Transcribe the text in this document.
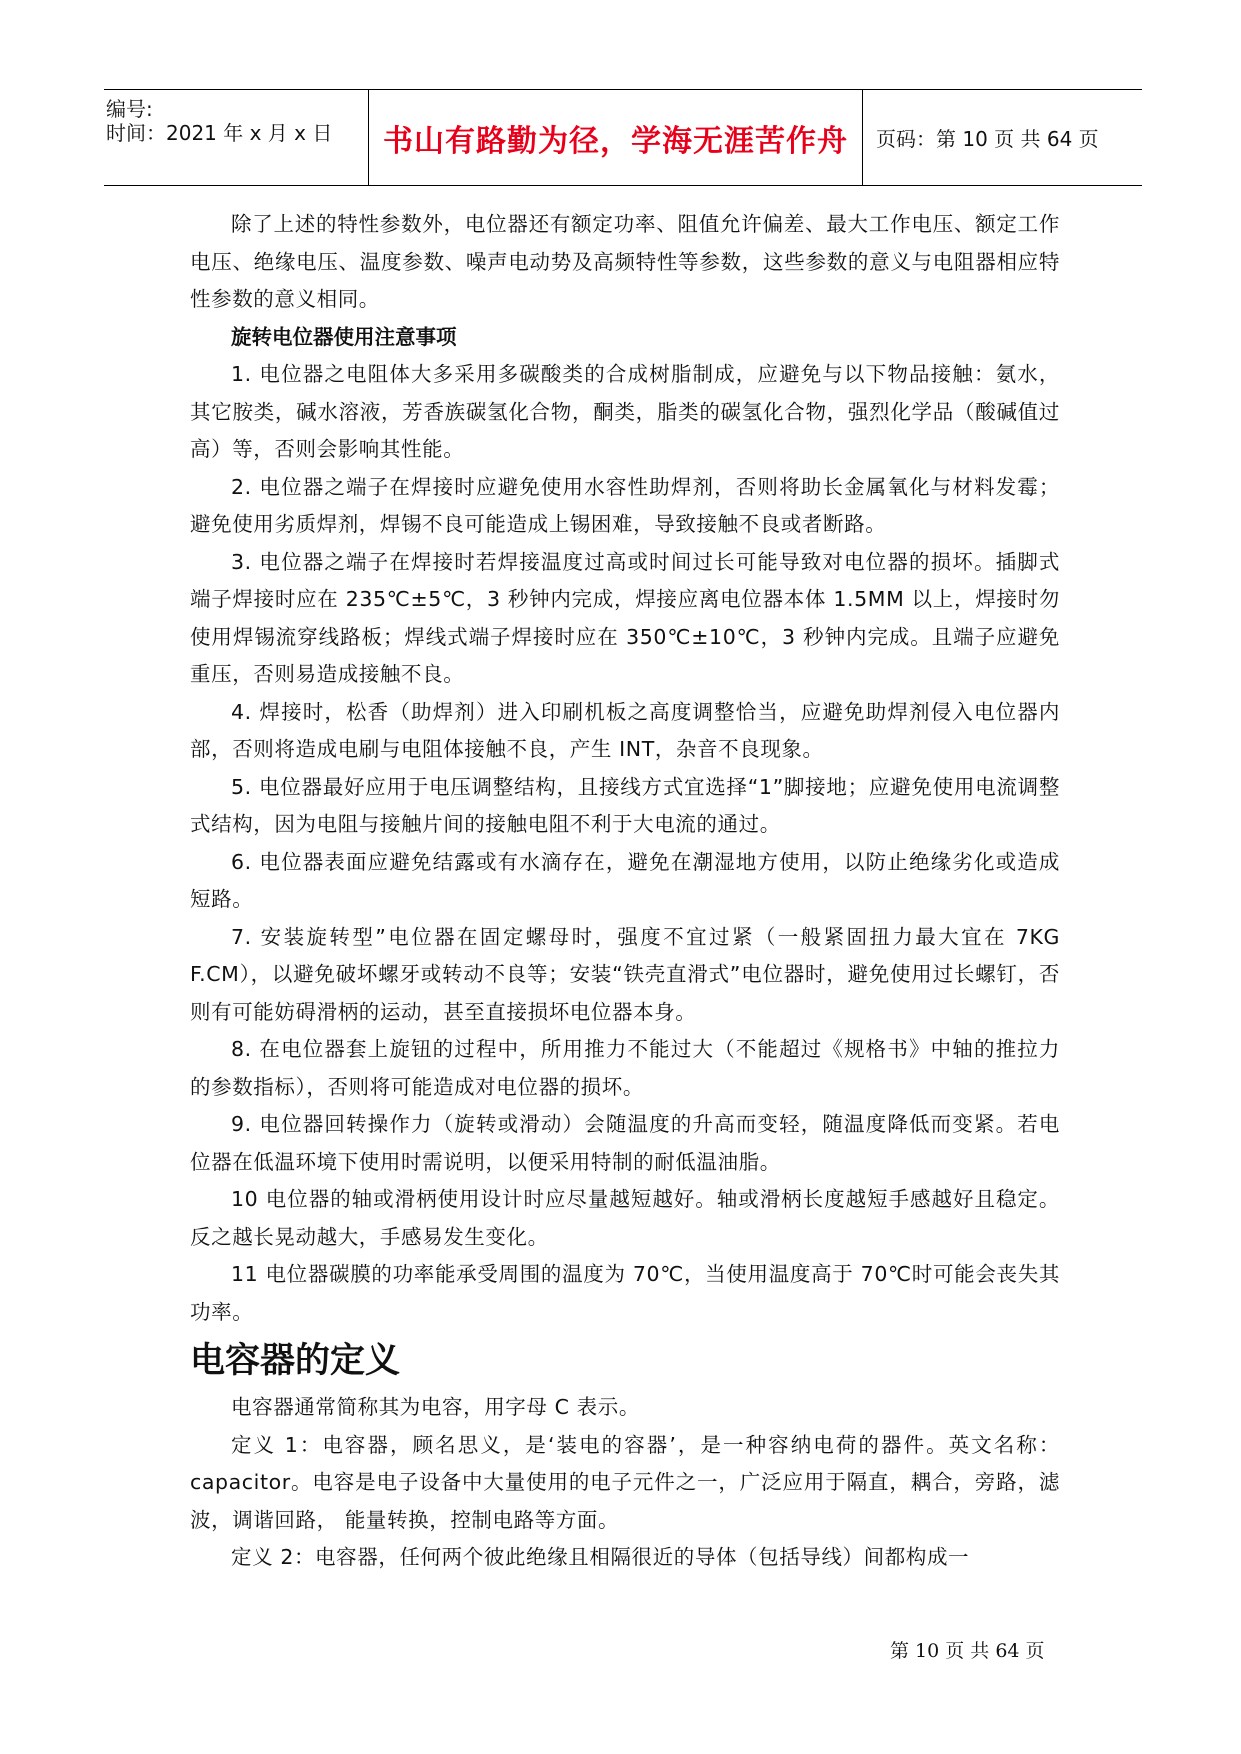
编号:
时间：2021 年 x 月 x 日	书山有路勤为径，学海无涯苦作舟	页码：第 10 页 共 64 页

除了上述的特性参数外，电位器还有额定功率、阻值允许偏差、最大工作电压、额定工作电压、绝缘电压、温度参数、噪声电动势及高频特性等参数，这些参数的意义与电阻器相应特性参数的意义相同。

旋转电位器使用注意事项

1. 电位器之电阻体大多采用多碳酸类的合成树脂制成，应避免与以下物品接触：氨水，其它胺类，碱水溶液，芳香族碳氢化合物，酮类，脂类的碳氢化合物，强烈化学品（酸碱值过高）等，否则会影响其性能。

2. 电位器之端子在焊接时应避免使用水容性助焊剂，否则将助长金属氧化与材料发霉；避免使用劣质焊剂，焊锡不良可能造成上锡困难，导致接触不良或者断路。

3. 电位器之端子在焊接时若焊接温度过高或时间过长可能导致对电位器的损坏。插脚式端子焊接时应在 235℃±5℃，3 秒钟内完成，焊接应离电位器本体 1.5MM 以上，焊接时勿使用焊锡流穿线路板；焊线式端子焊接时应在 350℃±10℃，3 秒钟内完成。且端子应避免重压，否则易造成接触不良。

4. 焊接时，松香（助焊剂）进入印刷机板之高度调整恰当，应避免助焊剂侵入电位器内部，否则将造成电刷与电阻体接触不良，产生 INT，杂音不良现象。

5. 电位器最好应用于电压调整结构，且接线方式宜选择“1”脚接地；应避免使用电流调整式结构，因为电阻与接触片间的接触电阻不利于大电流的通过。

6. 电位器表面应避免结露或有水滴存在，避免在潮湿地方使用，以防止绝缘劣化或造成短路。

7. 安装旋转型”电位器在固定螺母时，强度不宜过紧（一般紧固扭力最大宜在 7KG F.CM），以避免破坏螺牙或转动不良等；安装“铁壳直滑式”电位器时，避免使用过长螺钉，否则有可能妨碍滑柄的运动，甚至直接损坏电位器本身。

8. 在电位器套上旋钮的过程中，所用推力不能过大（不能超过《规格书》中轴的推拉力的参数指标），否则将可能造成对电位器的损坏。

9. 电位器回转操作力（旋转或滑动）会随温度的升高而变轻，随温度降低而变紧。若电位器在低温环境下使用时需说明，以便采用特制的耐低温油脂。

10 电位器的轴或滑柄使用设计时应尽量越短越好。轴或滑柄长度越短手感越好且稳定。反之越长晃动越大，手感易发生变化。

11 电位器碳膜的功率能承受周围的温度为 70℃，当使用温度高于 70℃时可能会丧失其功率。

电容器的定义

电容器通常简称其为电容，用字母 C 表示。

定义 1：电容器，顾名思义，是‘装电的容器’，是一种容纳电荷的器件。英文名称：capacitor。电容是电子设备中大量使用的电子元件之一，广泛应用于隔直，耦合，旁路，滤波，调谐回路， 能量转换，控制电路等方面。

定义 2：电容器，任何两个彼此绝缘且相隔很近的导体（包括导线）间都构成一

第 10 页 共 64 页
